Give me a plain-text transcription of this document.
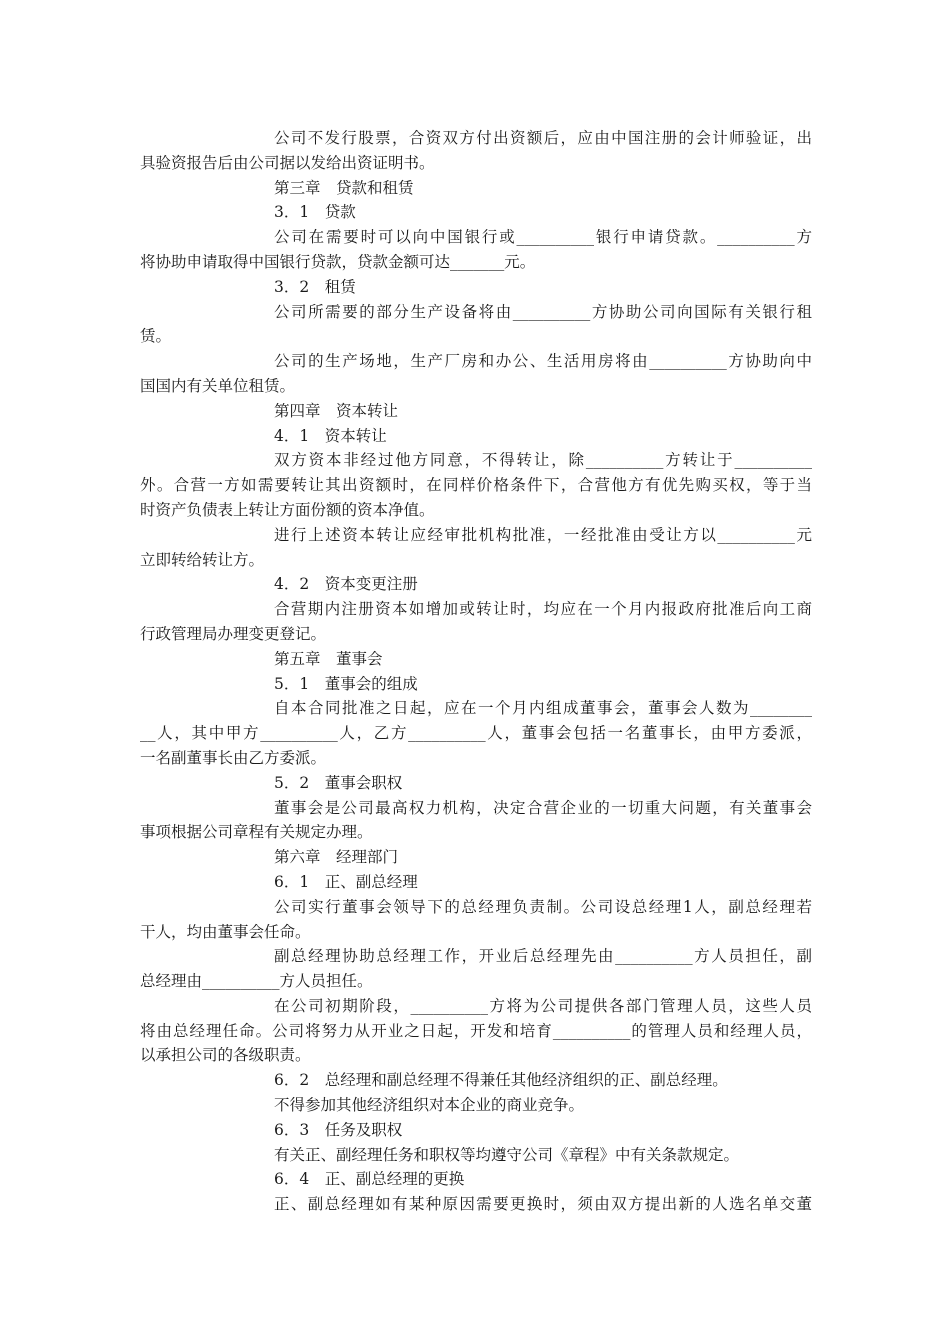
公司不发行股票，合资双方付出资额后，应由中国注册的会计师验证，出
具验资报告后由公司据以发给出资证明书。
第三章　贷款和租赁
3．1　贷款
公司在需要时可以向中国银行或__________银行申请贷款。__________方
将协助申请取得中国银行贷款，贷款金额可达_______元。
3．2　租赁
公司所需要的部分生产设备将由__________方协助公司向国际有关银行租
赁。
公司的生产场地，生产厂房和办公、生活用房将由__________方协助向中
国国内有关单位租赁。
第四章　资本转让
4．1　资本转让
双方资本非经过他方同意，不得转让，除__________方转让于__________
外。合营一方如需要转让其出资额时，在同样价格条件下，合营他方有优先购买权，等于当
时资产负债表上转让方面份额的资本净值。
进行上述资本转让应经审批机构批准，一经批准由受让方以__________元
立即转给转让方。
4．2　资本变更注册
合营期内注册资本如增加或转让时，均应在一个月内报政府批准后向工商
行政管理局办理变更登记。
第五章　董事会
5．1　董事会的组成
自本合同批准之日起，应在一个月内组成董事会，董事会人数为________
__人，其中甲方__________人，乙方__________人，董事会包括一名董事长，由甲方委派，
一名副董事长由乙方委派。
5．2　董事会职权
董事会是公司最高权力机构，决定合营企业的一切重大问题，有关董事会
事项根据公司章程有关规定办理。
第六章　经理部门
6．1　正、副总经理
公司实行董事会领导下的总经理负责制。公司设总经理1人，副总经理若
干人，均由董事会任命。
副总经理协助总经理工作，开业后总经理先由__________方人员担任，副
总经理由__________方人员担任。
在公司初期阶段，__________方将为公司提供各部门管理人员，这些人员
将由总经理任命。公司将努力从开业之日起，开发和培育__________的管理人员和经理人员，
以承担公司的各级职责。
6．2　总经理和副总经理不得兼任其他经济组织的正、副总经理。
不得参加其他经济组织对本企业的商业竞争。
6．3　任务及职权
有关正、副经理任务和职权等均遵守公司《章程》中有关条款规定。
6．4　正、副总经理的更换
正、副总经理如有某种原因需要更换时，须由双方提出新的人选名单交董
